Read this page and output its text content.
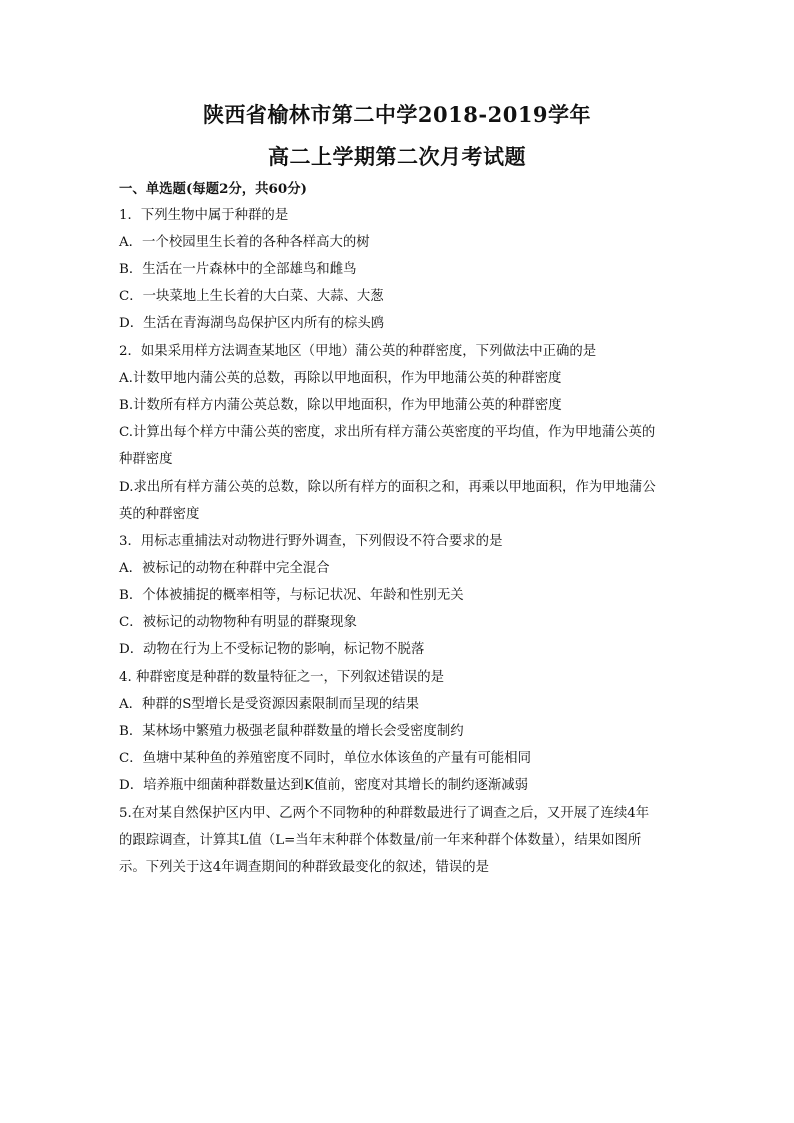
陕西省榆林市第二中学2018-2019学年
高二上学期第二次月考试题
一、单选题(每题2分，共60分)
1．下列生物中属于种群的是
A．一个校园里生长着的各种各样高大的树
B．生活在一片森林中的全部雄鸟和雌鸟
C．一块菜地上生长着的大白菜、大蒜、大葱
D．生活在青海湖鸟岛保护区内所有的棕头鸥
2．如果采用样方法调查某地区（甲地）蒲公英的种群密度，下列做法中正确的是
A.计数甲地内蒲公英的总数，再除以甲地面积，作为甲地蒲公英的种群密度
B.计数所有样方内蒲公英总数，除以甲地面积，作为甲地蒲公英的种群密度
C.计算出每个样方中蒲公英的密度，求出所有样方蒲公英密度的平均值，作为甲地蒲公英的
种群密度
D.求出所有样方蒲公英的总数，除以所有样方的面积之和，再乘以甲地面积，作为甲地蒲公
英的种群密度
3．用标志重捕法对动物进行野外调查，下列假设不符合要求的是
A．被标记的动物在种群中完全混合
B．个体被捕捉的概率相等，与标记状况、年龄和性别无关
C．被标记的动物物种有明显的群聚现象
D．动物在行为上不受标记物的影响，标记物不脱落
4. 种群密度是种群的数量特征之一，下列叙述错误的是
A．种群的S型增长是受资源因素限制而呈现的结果
B．某林场中繁殖力极强老鼠种群数量的增长会受密度制约
C．鱼塘中某种鱼的养殖密度不同时，单位水体该鱼的产量有可能相同
D．培养瓶中细菌种群数量达到K值前，密度对其增长的制约逐渐减弱
5.在对某自然保护区内甲、乙两个不同物种的种群数最进行了调查之后，又开展了连续4年
的跟踪调查，计算其L值（L=当年末种群个体数量/前一年来种群个体数量），结果如图所
示。下列关于这4年调查期间的种群致最变化的叙述，错误的是
